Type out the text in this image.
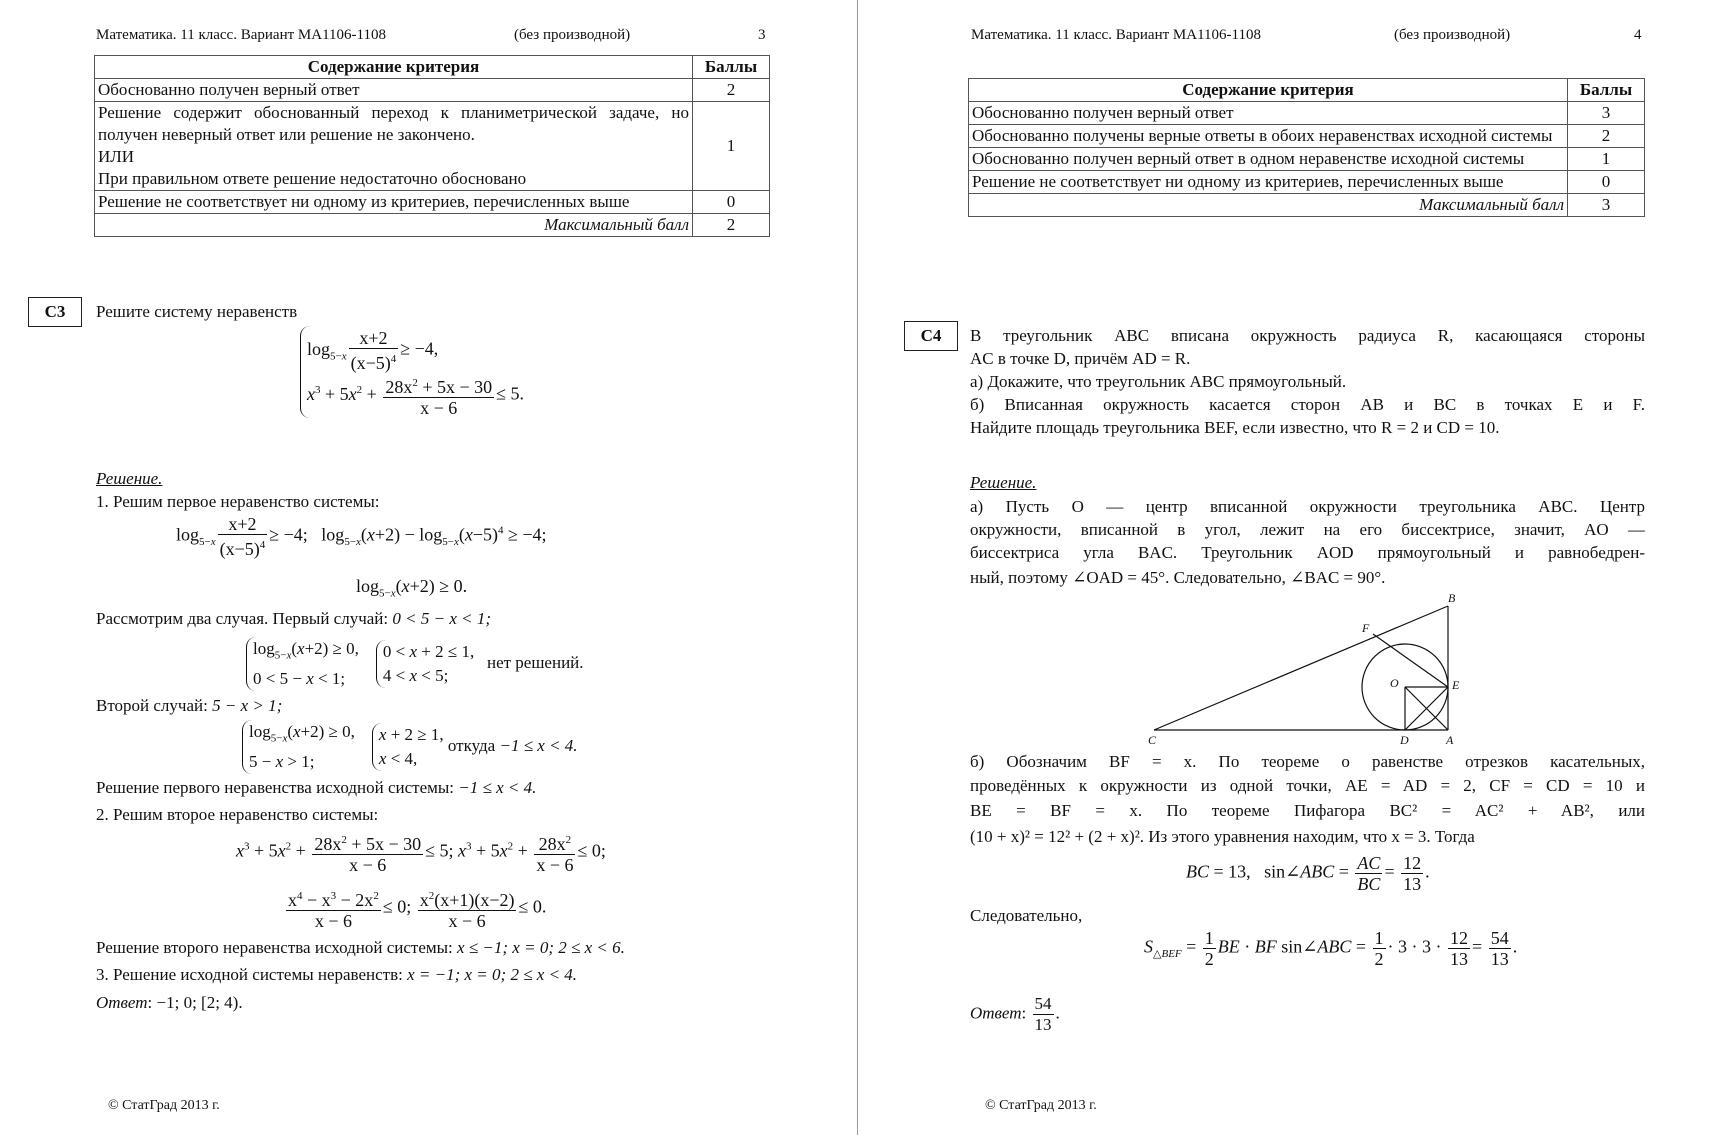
Математика. 11 класс. Вариант МА1106-1108	(без производной)	3
Содержание критерия	Баллы
Обоснованно получен верный ответ	2

Решение содержит обоснованный переход к планиметрической задаче, но получен неверный ответ или решение не закончено.
ИЛИ
При правильном ответе решение недостаточно обосновано	1
Решение не соответствует ни одному из критериев, перечисленных выше	0
Максимальный балл	2
C3	Решите систему неравенств
$\log_{5-x} \frac{x+2}{(x-5)^4} \ge -4$,
$x^3 + 5x^2 + \frac{28x^2 + 5x - 30}{x - 6} \le 5$.
Решение.
1. Решим первое неравенство системы:
$\log_{5-x} \frac{x+2}{(x-5)^4} \ge -4$;   $\log_{5-x}(x+2) - \log_{5-x}(x-5)^4 \ge -4$;
$\log_{5-x}(x+2) \ge 0$.
Рассмотрим два случая. Первый случай: 0 < 5 − x < 1;
$\log_{5-x}(x+2) \ge 0$,
0 < 5 − x < 1;    0 < x + 2 ≤ 1,
4 < x < 5;   нет решений.
Второй случай: 5 − x > 1;
$\log_{5-x}(x+2) \ge 0$,
5 − x > 1;    x + 2 ≥ 1,
x < 4, откуда −1 ≤ x < 4.
Решение первого неравенства исходной системы: −1 ≤ x < 4.
2. Решим второе неравенство системы:
$x^3 + 5x^2 + \frac{28x^2 + 5x - 30}{x - 6} \le 5$; $x^3 + 5x^2 + \frac{28x^2}{x - 6} \le 0$;
$\frac{x^4 - x^3 - 2x^2}{x - 6} \le 0$; $\frac{x^2(x+1)(x-2)}{x - 6} \le 0$.
Решение второго неравенства исходной системы: x ≤ −1; x = 0; 2 ≤ x < 6.
3. Решение исходной системы неравенств: x = −1; x = 0; 2 ≤ x < 4.
Ответ: −1; 0; [2; 4).
© СтатГрад 2013 г.
Математика. 11 класс. Вариант МА1106-1108	(без производной)	4
Содержание критерия	Баллы
Обоснованно получен верный ответ	3
Обоснованно получены верные ответы в обоих неравенствах исходной системы	2
Обоснованно получен верный ответ в одном неравенстве исходной системы	1
Решение не соответствует ни одному из критериев, перечисленных выше	0
Максимальный балл	3
C4	В треугольник ABC вписана окружность радиуса R, касающаяся стороны
AC в точке D, причём AD = R.
а) Докажите, что треугольник ABC прямоугольный.
б) Вписанная окружность касается сторон AB и BC в точках E и F.
Найдите площадь треугольника BEF, если известно, что R = 2 и CD = 10.
Решение.
а) Пусть O — центр вписанной окружности треугольника ABC. Центр
окружности, вписанной в угол, лежит на его биссектрисе, значит, AO —
биссектриса угла BAC. Треугольник AOD прямоугольный и равнобедрен-
ный, поэтому ∠OAD = 45°. Следовательно, ∠BAC = 90°.
B
F
O	E
C	D	A
б) Обозначим BF = x. По теореме о равенстве отрезков касательных,
проведённых к окружности из одной точки, AE = AD = 2, CF = CD = 10 и
BE = BF = x. По теореме Пифагора BC² = AC² + AB², или
(10 + x)² = 12² + (2 + x)². Из этого уравнения находим, что x = 3. Тогда
BC = 13,   sin∠ABC = $\frac{AC}{BC} = \frac{12}{13}$ .
Следовательно,
$S_{\triangle BEF} = \frac{1}{2}$ BE · BF sin∠ABC = $\frac{1}{2} \cdot 3 \cdot 3 \cdot \frac{12}{13} = \frac{54}{13}$ .
Ответ: $\frac{54}{13}$ .
© СтатГрад 2013 г.
